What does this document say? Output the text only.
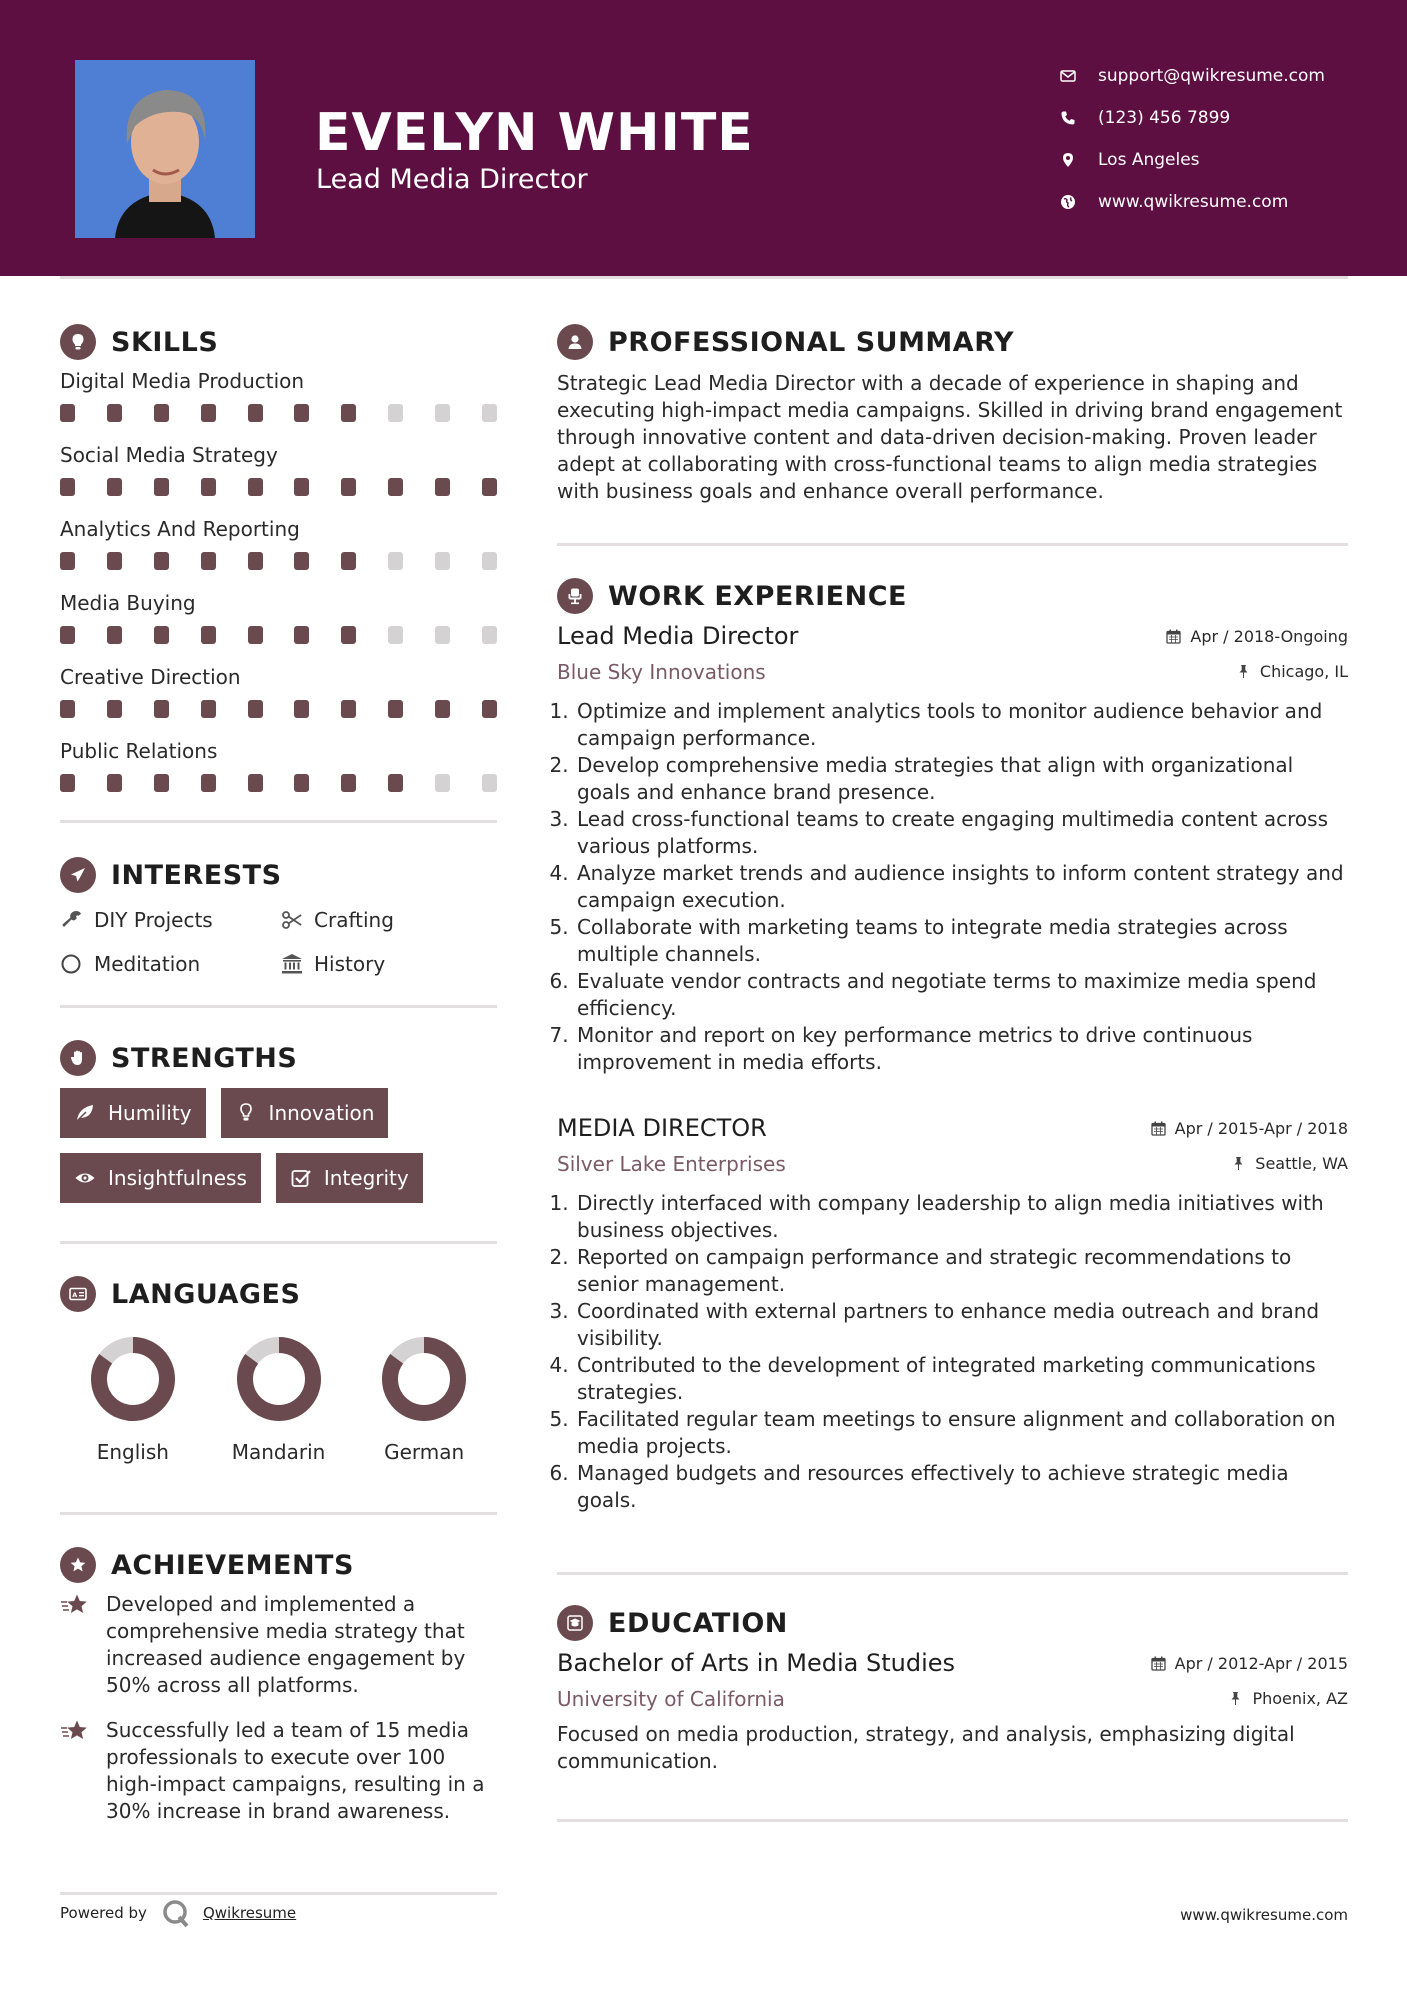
EVELYN WHITE
Lead Media Director
support@qwikresume.com
(123) 456 7899
Los Angeles
www.qwikresume.com
SKILLS
Digital Media Production
Social Media Strategy
Analytics And Reporting
Media Buying
Creative Direction
Public Relations
INTERESTS
DIY Projects	Crafting
Meditation	History
STRENGTHS
Humility	Innovation
Insightfulness	Integrity
A LANGUAGES
English	Mandarin	German
ACHIEVEMENTS
Developed and implemented a comprehensive media strategy that increased audience engagement by 50% across all platforms.
Successfully led a team of 15 media professionals to execute over 100 high-impact campaigns, resulting in a 30% increase in brand awareness.
PROFESSIONAL SUMMARY

Strategic Lead Media Director with a decade of experience in shaping and executing high-impact media campaigns. Skilled in driving brand engagement through innovative content and data-driven decision-making. Proven leader adept at collaborating with cross-functional teams to align media strategies with business goals and enhance overall performance.

WORK EXPERIENCE
Lead Media Director	Apr / 2018-Ongoing
Blue Sky Innovations	Chicago, IL
1. Optimize and implement analytics tools to monitor audience behavior and campaign performance.
2. Develop comprehensive media strategies that align with organizational goals and enhance brand presence.
3. Lead cross-functional teams to create engaging multimedia content across various platforms.
4. Analyze market trends and audience insights to inform content strategy and campaign execution.
5. Collaborate with marketing teams to integrate media strategies across multiple channels.
6. Evaluate vendor contracts and negotiate terms to maximize media spend efficiency.
7. Monitor and report on key performance metrics to drive continuous improvement in media efforts.
MEDIA DIRECTOR	Apr / 2015-Apr / 2018
Silver Lake Enterprises	Seattle, WA
1. Directly interfaced with company leadership to align media initiatives with business objectives.
2. Reported on campaign performance and strategic recommendations to senior management.
3. Coordinated with external partners to enhance media outreach and brand visibility.
4. Contributed to the development of integrated marketing communications strategies.
5. Facilitated regular team meetings to ensure alignment and collaboration on media projects.
6. Managed budgets and resources effectively to achieve strategic media goals.
EDUCATION
Bachelor of Arts in Media Studies	Apr / 2012-Apr / 2015
University of California	Phoenix, AZ

Focused on media production, strategy, and analysis, emphasizing digital communication.

Powered by	Qwikresume	www.qwikresume.com
